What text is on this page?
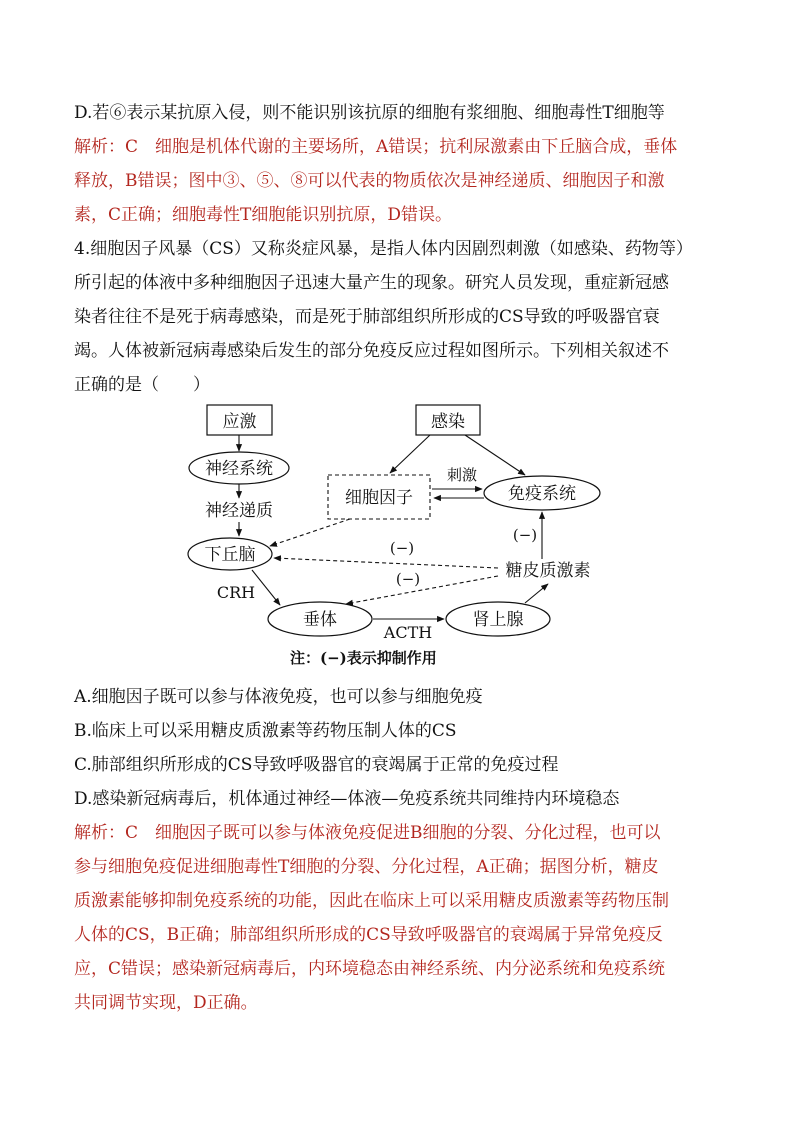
D.若⑥表示某抗原入侵，则不能识别该抗原的细胞有浆细胞、细胞毒性T细胞等
解析：C　细胞是机体代谢的主要场所，A错误；抗利尿激素由下丘脑合成，垂体
释放，B错误；图中③、⑤、⑧可以代表的物质依次是神经递质、细胞因子和激
素，C正确；细胞毒性T细胞能识别抗原，D错误。
4.细胞因子风暴（CS）又称炎症风暴，是指人体内因剧烈刺激（如感染、药物等）
所引起的体液中多种细胞因子迅速大量产生的现象。研究人员发现，重症新冠感
染者往往不是死于病毒感染，而是死于肺部组织所形成的CS导致的呼吸器官衰
竭。人体被新冠病毒感染后发生的部分免疫反应过程如图所示。下列相关叙述不
正确的是（　　）
应激	感染
神经系统
神经递质
下丘脑
细胞因子	免疫系统
刺激
糖皮质激素
(−)
(−)
(−)
CRH
垂体	肾上腺
ACTH
注：(−)表示抑制作用
A.细胞因子既可以参与体液免疫，也可以参与细胞免疫
B.临床上可以采用糖皮质激素等药物压制人体的CS
C.肺部组织所形成的CS导致呼吸器官的衰竭属于正常的免疫过程
D.感染新冠病毒后，机体通过神经—体液—免疫系统共同维持内环境稳态
解析：C　细胞因子既可以参与体液免疫促进B细胞的分裂、分化过程，也可以
参与细胞免疫促进细胞毒性T细胞的分裂、分化过程，A正确；据图分析，糖皮
质激素能够抑制免疫系统的功能，因此在临床上可以采用糖皮质激素等药物压制
人体的CS，B正确；肺部组织所形成的CS导致呼吸器官的衰竭属于异常免疫反
应，C错误；感染新冠病毒后，内环境稳态由神经系统、内分泌系统和免疫系统
共同调节实现，D正确。
